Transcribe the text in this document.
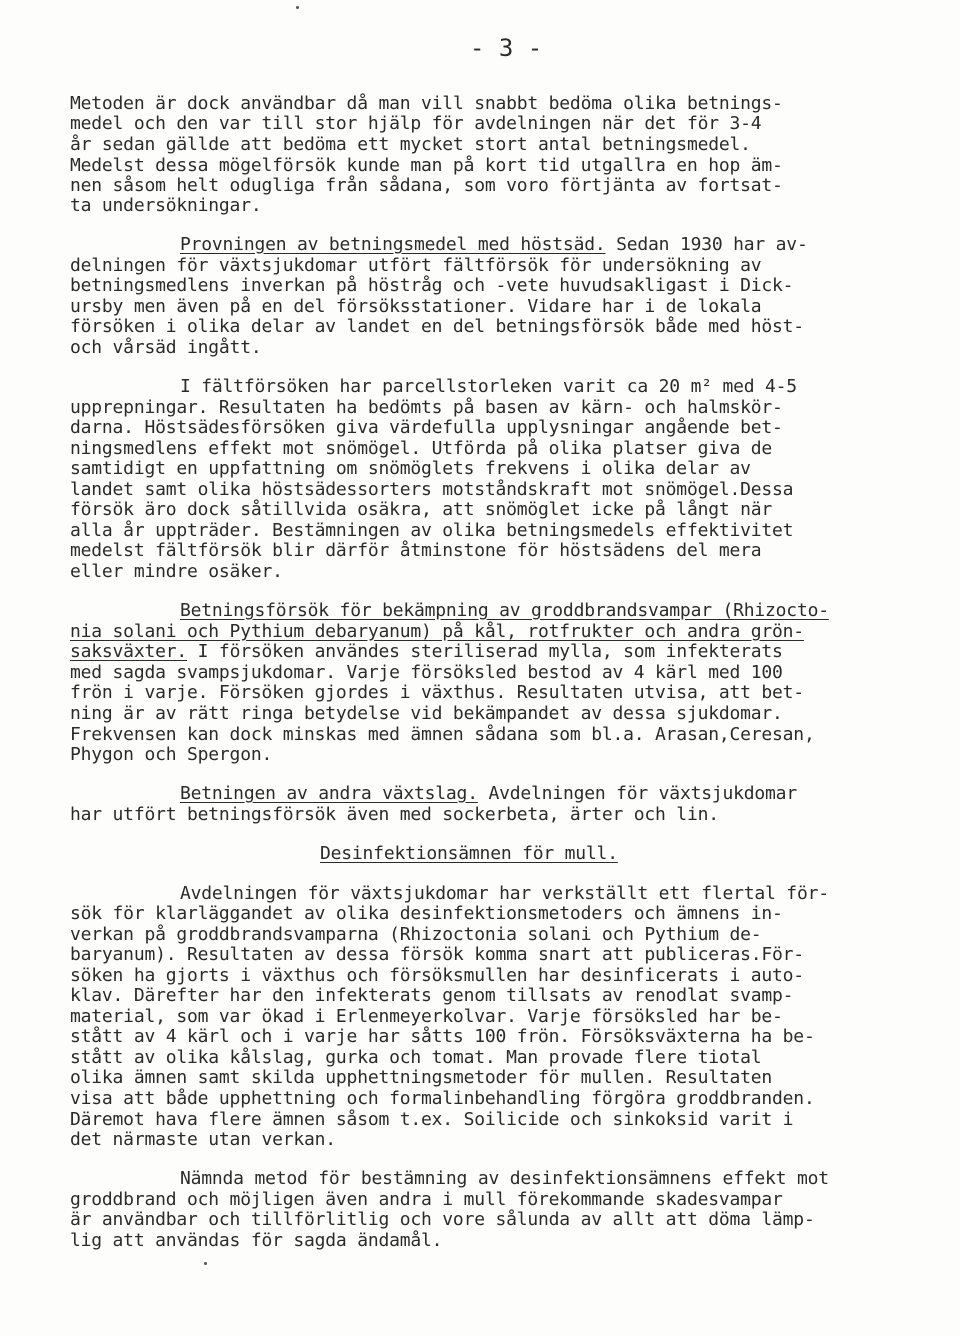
- 3 -
Metoden är dock användbar då man vill snabbt bedöma olika betnings-
medel och den var till stor hjälp för avdelningen när det för 3-4
år sedan gällde att bedöma ett mycket stort antal betningsmedel.
Medelst dessa mögelförsök kunde man på kort tid utgallra en hop äm-
nen såsom helt odugliga från sådana, som voro förtjänta av fortsat-
ta undersökningar.
Provningen av betningsmedel med höstsäd. Sedan 1930 har av-
delningen för växtsjukdomar utfört fältförsök för undersökning av
betningsmedlens inverkan på höstråg och -vete huvudsakligast i Dick-
ursby men även på en del försöksstationer. Vidare har i de lokala
försöken i olika delar av landet en del betningsförsök både med höst-
och vårsäd ingått.
I fältförsöken har parcellstorleken varit ca 20 m² med 4-5
upprepningar. Resultaten ha bedömts på basen av kärn- och halmskör-
darna. Höstsädesförsöken giva värdefulla upplysningar angående bet-
ningsmedlens effekt mot snömögel. Utförda på olika platser giva de
samtidigt en uppfattning om snömöglets frekvens i olika delar av
landet samt olika höstsädessorters motståndskraft mot snömögel.Dessa
försök äro dock såtillvida osäkra, att snömöglet icke på långt när
alla år uppträder. Bestämningen av olika betningsmedels effektivitet
medelst fältförsök blir därför åtminstone för höstsädens del mera
eller mindre osäker.
Betningsförsök för bekämpning av groddbrandsvampar (Rhizocto-
nia solani och Pythium debaryanum) på kål, rotfrukter och andra grön-
saksväxter. I försöken användes steriliserad mylla, som infekterats
med sagda svampsjukdomar. Varje försöksled bestod av 4 kärl med 100
frön i varje. Försöken gjordes i växthus. Resultaten utvisa, att bet-
ning är av rätt ringa betydelse vid bekämpandet av dessa sjukdomar.
Frekvensen kan dock minskas med ämnen sådana som bl.a. Arasan,Ceresan,
Phygon och Spergon.
Betningen av andra växtslag. Avdelningen för växtsjukdomar
har utfört betningsförsök även med sockerbeta, ärter och lin.
Desinfektionsämnen för mull.
Avdelningen för växtsjukdomar har verkställt ett flertal för-
sök för klarläggandet av olika desinfektionsmetoders och ämnens in-
verkan på groddbrandsvamparna (Rhizoctonia solani och Pythium de-
baryanum). Resultaten av dessa försök komma snart att publiceras.För-
söken ha gjorts i växthus och försöksmullen har desinficerats i auto-
klav. Därefter har den infekterats genom tillsats av renodlat svamp-
material, som var ökad i Erlenmeyerkolvar. Varje försöksled har be-
stått av 4 kärl och i varje har såtts 100 frön. Försöksväxterna ha be-
stått av olika kålslag, gurka och tomat. Man provade flere tiotal
olika ämnen samt skilda upphettningsmetoder för mullen. Resultaten
visa att både upphettning och formalinbehandling förgöra groddbranden.
Däremot hava flere ämnen såsom t.ex. Soilicide och sinkoksid varit i
det närmaste utan verkan.
Nämnda metod för bestämning av desinfektionsämnens effekt mot
groddbrand och möjligen även andra i mull förekommande skadesvampar
är användbar och tillförlitlig och vore sålunda av allt att döma lämp-
lig att användas för sagda ändamål.
